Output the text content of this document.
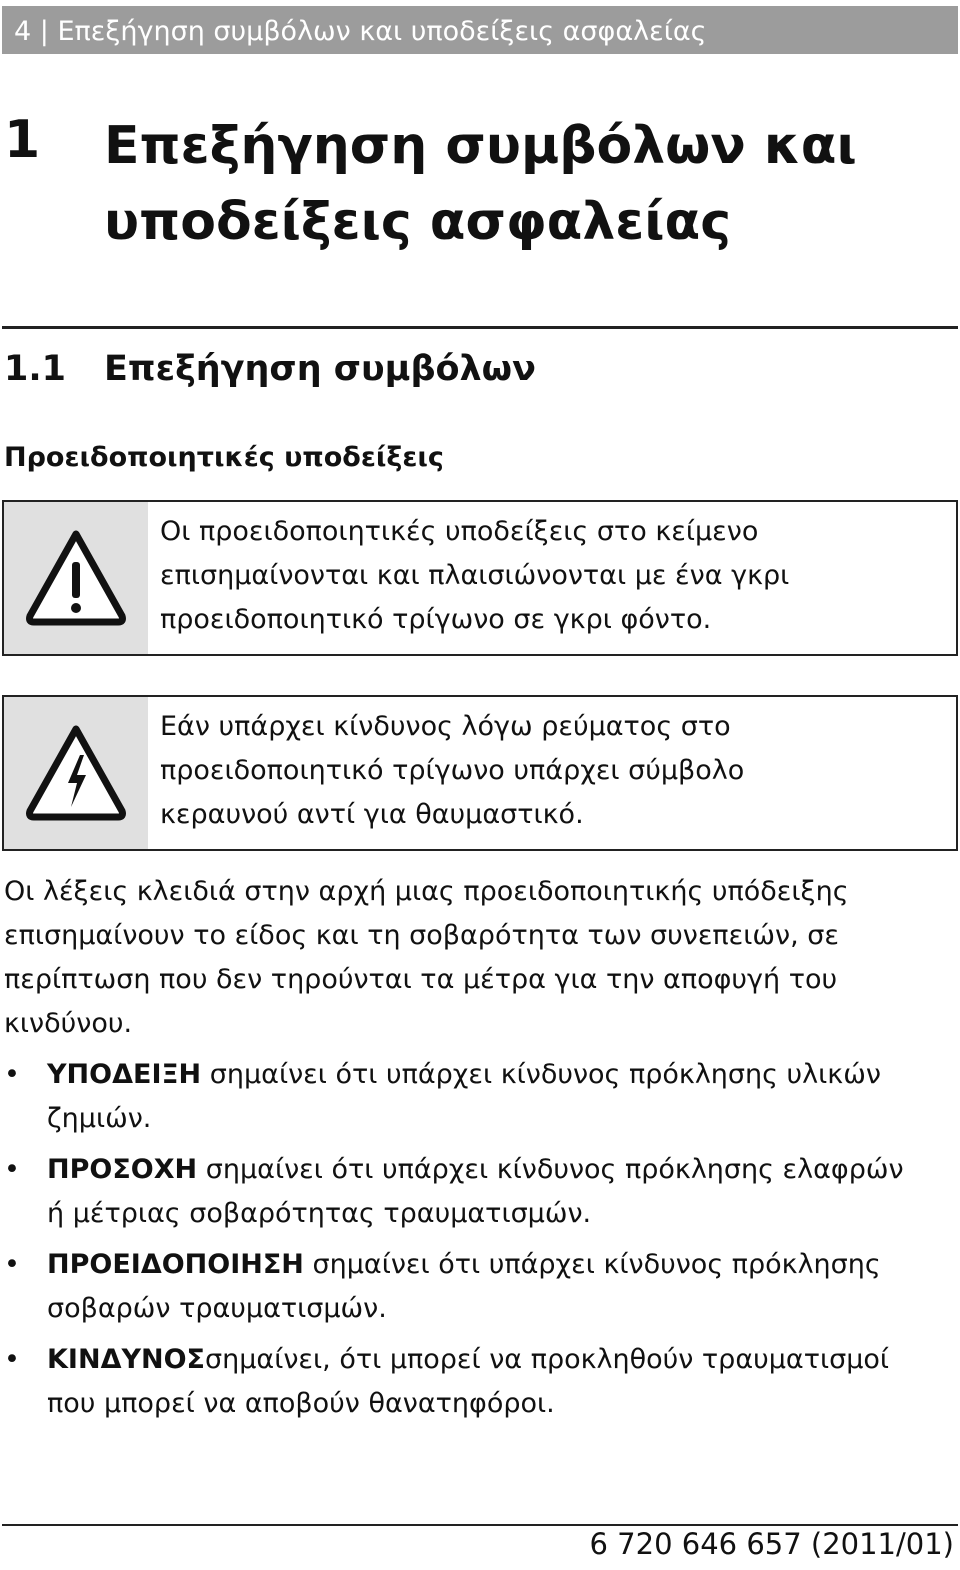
4 | Επεξήγηση συμβόλων και υποδείξεις ασφαλείας
1 Επεξήγηση συμβόλων και
υποδείξεις ασφαλείας
1.1 Επεξήγηση συμβόλων
Προειδοποιητικές υποδείξεις
Οι προειδοποιητικές υποδείξεις στο κείμενο
επισημαίνονται και πλαισιώνονται με ένα γκρι
προειδοποιητικό τρίγωνο σε γκρι φόντο.
Εάν υπάρχει κίνδυνος λόγω ρεύματος στο
προειδοποιητικό τρίγωνο υπάρχει σύμβολο
κεραυνού αντί για θαυμαστικό.
Οι λέξεις κλειδιά στην αρχή μιας προειδοποιητικής υπόδειξης
επισημαίνουν το είδος και τη σοβαρότητα των συνεπειών, σε
περίπτωση που δεν τηρούνται τα μέτρα για την αποφυγή του
κινδύνου.
• ΥΠΟΔΕΙΞΗ σημαίνει ότι υπάρχει κίνδυνος πρόκλησης υλικών
ζημιών.
• ΠΡΟΣΟΧΗ σημαίνει ότι υπάρχει κίνδυνος πρόκλησης ελαφρών
ή μέτριας σοβαρότητας τραυματισμών.
• ΠΡΟΕΙΔΟΠΟΙΗΣΗ σημαίνει ότι υπάρχει κίνδυνος πρόκλησης
σοβαρών τραυματισμών.
• ΚΙΝΔΥΝΟΣσημαίνει, ότι μπορεί να προκληθούν τραυματισμοί
που μπορεί να αποβούν θανατηφόροι.
6 720 646 657 (2011/01)
